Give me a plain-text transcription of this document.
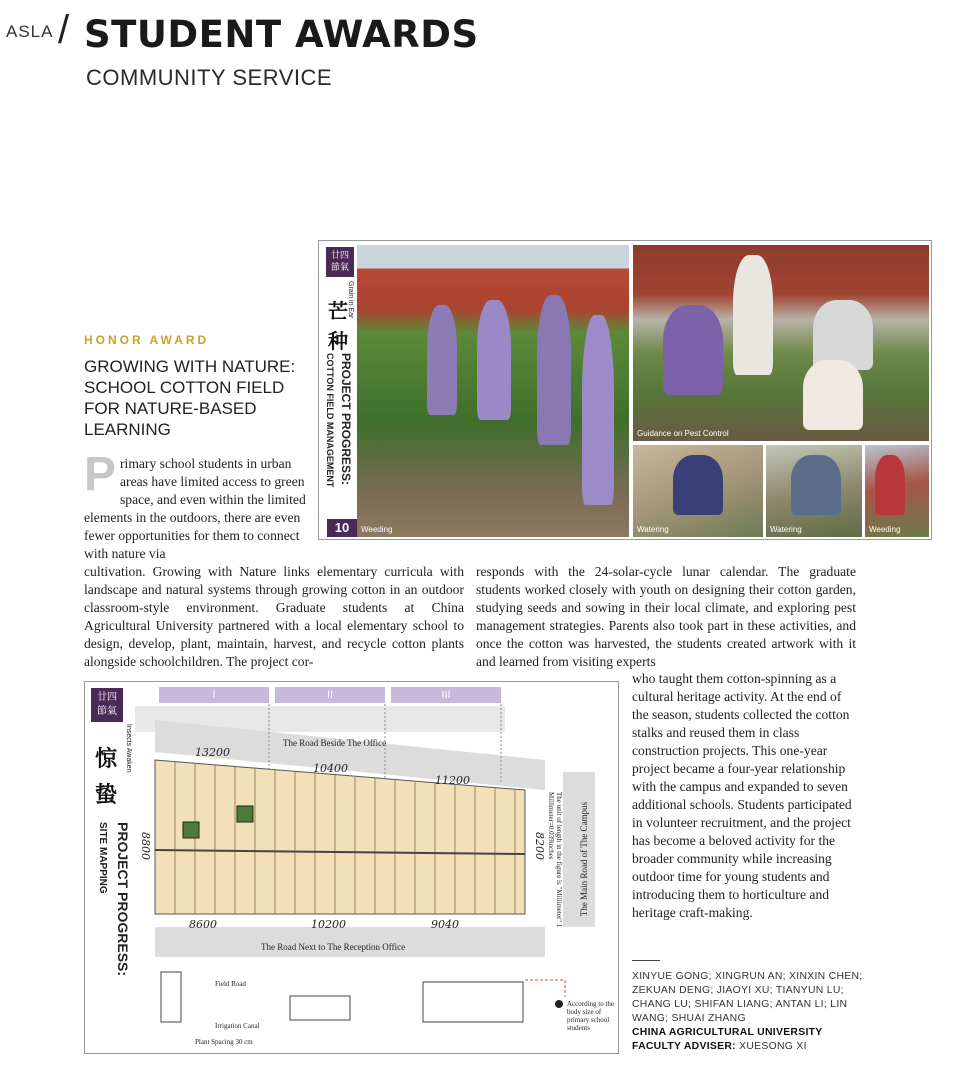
ASLA / STUDENT AWARDS
COMMUNITY SERVICE
HONOR AWARD
GROWING WITH NATURE: SCHOOL COTTON FIELD FOR NATURE-BASED LEARNING
Primary school students in urban areas have limited access to green space, and even within the limited elements in the outdoors, there are even fewer opportunities for them to connect with nature via
cultivation. Growing with Nature links elementary curricula with landscape and natural systems through growing cotton in an outdoor classroom-style environment. Graduate students at China Agricultural University partnered with a local elementary school to design, develop, plant, maintain, harvest, and recycle cotton plants alongside schoolchildren. The project cor-
responds with the 24-solar-cycle lunar calendar. The graduate students worked closely with youth on designing their cotton garden, studying seeds and sowing in their local climate, and exploring pest management strategies. Parents also took part in these activities, and once the cotton was harvested, the students created artwork with it and learned from visiting experts
who taught them cotton-spinning as a cultural heritage activity. At the end of the season, students collected the cotton stalks and reused them in class construction projects. This one-year project became a four-year relationship with the campus and expanded to seven additional schools. Students participated in volunteer recruitment, and the project has become a beloved activity for the broader community while increasing outdoor time for young students and introducing them to horticulture and heritage craft-making.
廿四 節氣
Grain in Ear
芒
种
PROJECT PROGRESS:
COTTON FIELD MANAGEMENT
10	Weeding
Guidance on Pest Control
Watering	Watering	Weeding
廿四 節氣
Insects Awaken
惊
蛰
PROJECT PROGRESS:
SITE MAPPING
I	II	III
The Road Beside The Office
The Road Next to The Reception Office
The Main Road of The Campus
13200
10400
11200
8600	10200	9040
8800	8200	The unit of length in the figure is "Millimeter" 1 Millimeter=0.039inches
Field Road
Irrigation Canal
Plant Spacing 30 cm
According to the body size of primary school students
XINYUE GONG; XINGRUN AN; XINXIN CHEN; ZEKUAN DENG; JIAOYI XU; TIANYUN LU; CHANG LU; SHIFAN LIANG; ANTAN LI; LIN WANG; SHUAI ZHANG
CHINA AGRICULTURAL UNIVERSITY
FACULTY ADVISER: XUESONG XI
